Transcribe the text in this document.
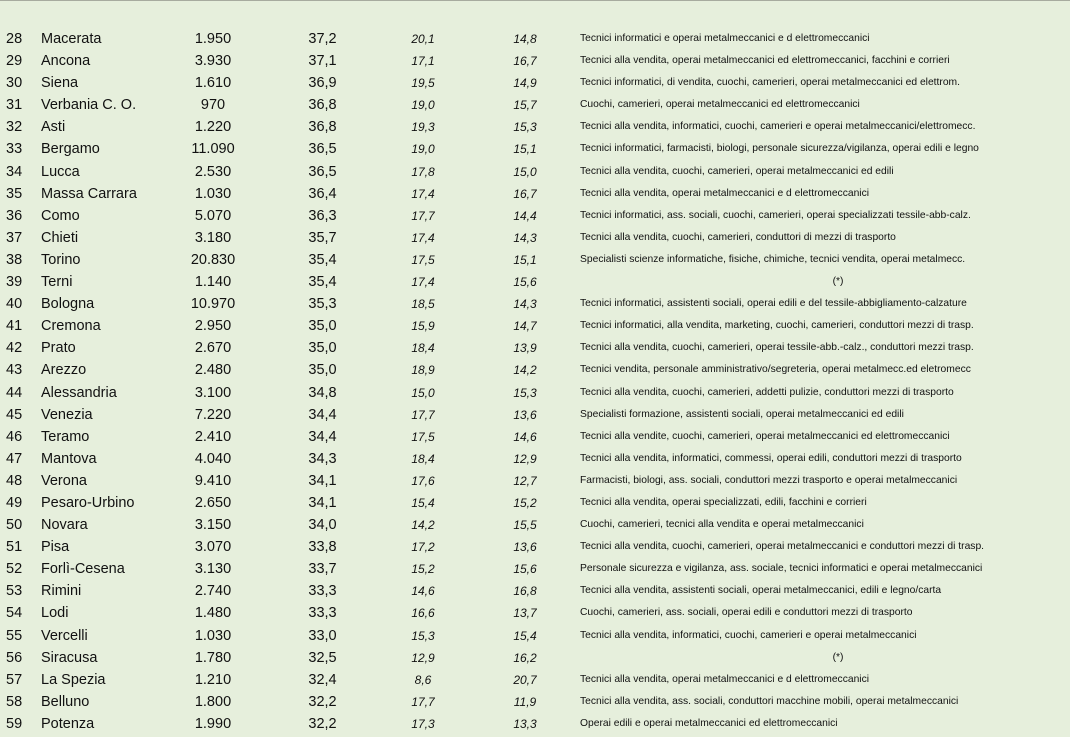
28	Macerata	1.950	37,2	20,1	14,8	Tecnici informatici e operai metalmeccanici e d elettromeccanici
29	Ancona	3.930	37,1	17,1	16,7	Tecnici alla vendita, operai metalmeccanici ed elettromeccanici, facchini e corrieri
30	Siena	1.610	36,9	19,5	14,9	Tecnici informatici, di vendita, cuochi, camerieri, operai metalmeccanici ed elettrom.
31	Verbania C. O.	970	36,8	19,0	15,7	Cuochi, camerieri, operai metalmeccanici ed elettromeccanici
32	Asti	1.220	36,8	19,3	15,3	Tecnici alla vendita, informatici, cuochi, camerieri e operai metalmeccanici/elettromecc.
33	Bergamo	11.090	36,5	19,0	15,1	Tecnici informatici, farmacisti, biologi, personale sicurezza/vigilanza, operai edili e legno
34	Lucca	2.530	36,5	17,8	15,0	Tecnici alla vendita, cuochi, camerieri, operai metalmeccanici ed edili
35	Massa Carrara	1.030	36,4	17,4	16,7	Tecnici alla vendita, operai metalmeccanici e d elettromeccanici
36	Como	5.070	36,3	17,7	14,4	Tecnici informatici, ass. sociali, cuochi, camerieri, operai specializzati tessile-abb-calz.
37	Chieti	3.180	35,7	17,4	14,3	Tecnici alla vendita, cuochi, camerieri, conduttori di mezzi di trasporto
38	Torino	20.830	35,4	17,5	15,1	Specialisti scienze informatiche, fisiche, chimiche, tecnici vendita, operai metalmecc.
39	Terni	1.140	35,4	17,4	15,6	(*)
40	Bologna	10.970	35,3	18,5	14,3	Tecnici informatici, assistenti sociali, operai edili e del tessile-abbigliamento-calzature
41	Cremona	2.950	35,0	15,9	14,7	Tecnici informatici, alla vendita, marketing, cuochi, camerieri, conduttori mezzi di trasp.
42	Prato	2.670	35,0	18,4	13,9	Tecnici alla vendita, cuochi, camerieri, operai tessile-abb.-calz., conduttori mezzi trasp.
43	Arezzo	2.480	35,0	18,9	14,2	Tecnici vendita, personale amministrativo/segreteria, operai metalmecc.ed eletromecc
44	Alessandria	3.100	34,8	15,0	15,3	Tecnici alla vendita, cuochi, camerieri, addetti pulizie, conduttori mezzi di trasporto
45	Venezia	7.220	34,4	17,7	13,6	Specialisti formazione, assistenti sociali, operai metalmeccanici ed edili
46	Teramo	2.410	34,4	17,5	14,6	Tecnici alla vendite, cuochi, camerieri, operai metalmeccanici ed elettromeccanici
47	Mantova	4.040	34,3	18,4	12,9	Tecnici alla vendita, informatici, commessi, operai edili, conduttori mezzi di trasporto
48	Verona	9.410	34,1	17,6	12,7	Farmacisti, biologi, ass. sociali, conduttori mezzi trasporto e operai metalmeccanici
49	Pesaro-Urbino	2.650	34,1	15,4	15,2	Tecnici alla vendita, operai specializzati, edili, facchini e corrieri
50	Novara	3.150	34,0	14,2	15,5	Cuochi, camerieri, tecnici alla vendita e operai metalmeccanici
51	Pisa	3.070	33,8	17,2	13,6	Tecnici alla vendita, cuochi, camerieri, operai metalmeccanici e conduttori mezzi di trasp.
52	Forlì-Cesena	3.130	33,7	15,2	15,6	Personale sicurezza e vigilanza, ass. sociale, tecnici informatici e operai metalmeccanici
53	Rimini	2.740	33,3	14,6	16,8	Tecnici alla vendita, assistenti sociali, operai metalmeccanici, edili e legno/carta
54	Lodi	1.480	33,3	16,6	13,7	Cuochi, camerieri, ass. sociali, operai edili e conduttori mezzi di trasporto
55	Vercelli	1.030	33,0	15,3	15,4	Tecnici alla vendita, informatici, cuochi, camerieri e operai metalmeccanici
56	Siracusa	1.780	32,5	12,9	16,2	(*)
57	La Spezia	1.210	32,4	8,6	20,7	Tecnici alla vendita, operai metalmeccanici e d elettromeccanici
58	Belluno	1.800	32,2	17,7	11,9	Tecnici alla vendita, ass. sociali, conduttori macchine mobili, operai metalmeccanici
59	Potenza	1.990	32,2	17,3	13,3	Operai edili e operai metalmeccanici ed elettromeccanici
